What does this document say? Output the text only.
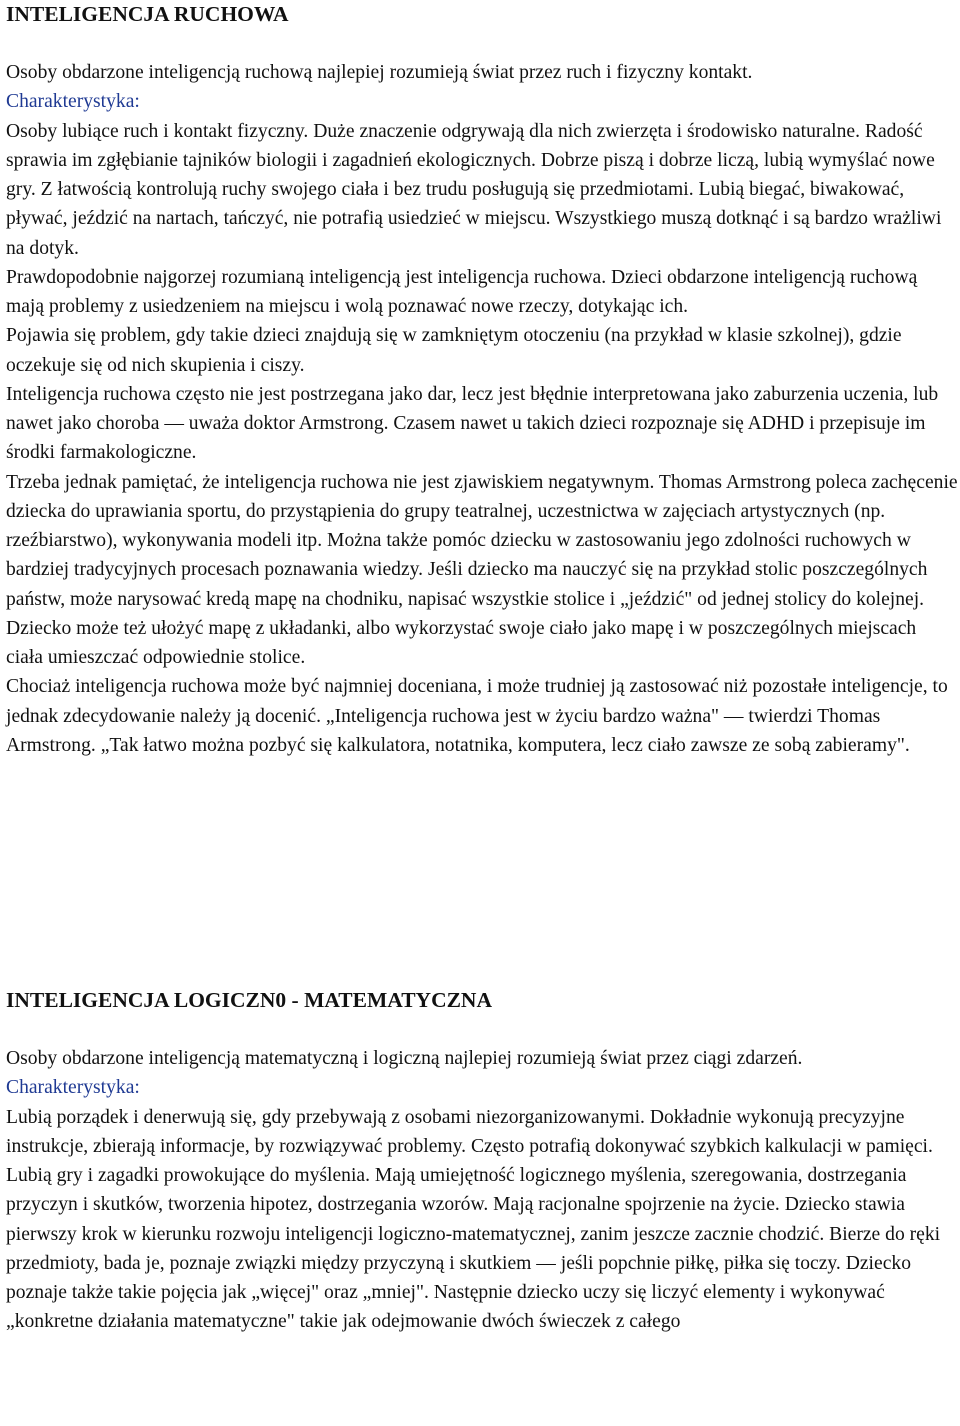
INTELIGENCJA RUCHOWA

Osoby obdarzone inteligencją ruchową najlepiej rozumieją świat przez ruch i fizyczny kontakt.

Charakterystyka:

Osoby lubiące ruch i kontakt fizyczny. Duże znaczenie odgrywają dla nich zwierzęta i środowisko naturalne. Radość sprawia im zgłębianie tajników biologii i zagadnień ekologicznych. Dobrze piszą i dobrze liczą, lubią wymyślać nowe gry. Z łatwością kontrolują ruchy swojego ciała i bez trudu posługują się przedmiotami. Lubią biegać, biwakować, pływać, jeździć na nartach, tańczyć, nie potrafią usiedzieć w miejscu. Wszystkiego muszą dotknąć i są bardzo wrażliwi na dotyk.

Prawdopodobnie najgorzej rozumianą inteligencją jest inteligencja ruchowa. Dzieci obdarzone inteligencją ruchową mają problemy z usiedzeniem na miejscu i wolą poznawać nowe rzeczy, dotykając ich.

Pojawia się problem, gdy takie dzieci znajdują się w zamkniętym otoczeniu (na przykład w klasie szkolnej), gdzie oczekuje się od nich skupienia i ciszy.

Inteligencja ruchowa często nie jest postrzegana jako dar, lecz jest błędnie interpretowana jako zaburzenia uczenia, lub nawet jako choroba — uważa doktor Armstrong. Czasem nawet u takich dzieci rozpoznaje się ADHD i przepisuje im środki farmakologiczne.

Trzeba jednak pamiętać, że inteligencja ruchowa nie jest zjawiskiem negatywnym. Thomas Armstrong poleca zachęcenie dziecka do uprawiania sportu, do przystąpienia do grupy teatralnej, uczestnictwa w zajęciach artystycznych (np. rzeźbiarstwo), wykonywania modeli itp. Można także pomóc dziecku w zastosowaniu jego zdolności ruchowych w bardziej tradycyjnych procesach poznawania wiedzy. Jeśli dziecko ma nauczyć się na przykład stolic poszczególnych państw, może narysować kredą mapę na chodniku, napisać wszystkie stolice i „jeździć" od jednej stolicy do kolejnej. Dziecko może też ułożyć mapę z układanki, albo wykorzystać swoje ciało jako mapę i w poszczególnych miejscach ciała umieszczać odpowiednie stolice.

Chociaż inteligencja ruchowa może być najmniej doceniana, i może trudniej ją zastosować niż pozostałe inteligencje, to jednak zdecydowanie należy ją docenić. „Inteligencja ruchowa jest w życiu bardzo ważna" — twierdzi Thomas Armstrong. „Tak łatwo można pozbyć się kalkulatora, notatnika, komputera, lecz ciało zawsze ze sobą zabieramy".

INTELIGENCJA LOGICZN0 - MATEMATYCZNA

Osoby obdarzone inteligencją matematyczną i logiczną najlepiej rozumieją świat przez ciągi zdarzeń.

Charakterystyka:

Lubią porządek i denerwują się, gdy przebywają z osobami niezorganizowanymi. Dokładnie wykonują precyzyjne instrukcje, zbierają informacje, by rozwiązywać problemy. Często potrafią dokonywać szybkich kalkulacji w pamięci. Lubią gry i zagadki prowokujące do myślenia. Mają umiejętność logicznego myślenia, szeregowania, dostrzegania przyczyn i skutków, tworzenia hipotez, dostrzegania wzorów. Mają racjonalne spojrzenie na życie. Dziecko stawia pierwszy krok w kierunku rozwoju inteligencji logiczno-matematycznej, zanim jeszcze zacznie chodzić. Bierze do ręki przedmioty, bada je, poznaje związki między przyczyną i skutkiem — jeśli popchnie piłkę, piłka się toczy. Dziecko poznaje także takie pojęcia jak „więcej" oraz „mniej". Następnie dziecko uczy się liczyć elementy i wykonywać „konkretne działania matematyczne" takie jak odejmowanie dwóch świeczek z całego
